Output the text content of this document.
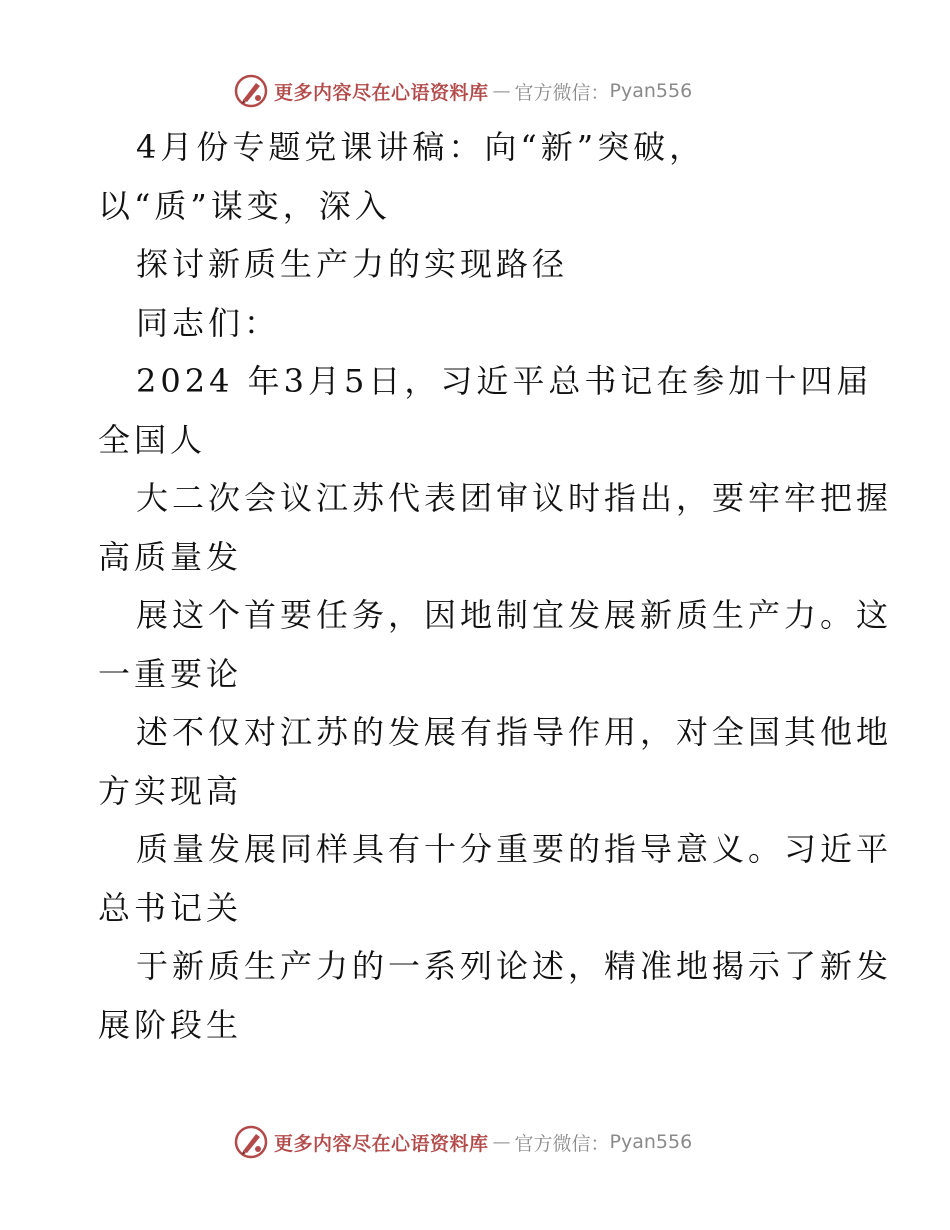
更多内容尽在心语资料库 — 官方微信： Pyan556
4月份专题党课讲稿：向“新”突破，
以“质”谋变，深入
探讨新质生产力的实现路径
同志们：
2024 年3月5日，习近平总书记在参加十四届
全国人
大二次会议江苏代表团审议时指出，要牢牢把握
高质量发
展这个首要任务，因地制宜发展新质生产力。这
一重要论
述不仅对江苏的发展有指导作用，对全国其他地
方实现高
质量发展同样具有十分重要的指导意义。习近平
总书记关
于新质生产力的一系列论述，精准地揭示了新发
展阶段生
更多内容尽在心语资料库 — 官方微信： Pyan556
